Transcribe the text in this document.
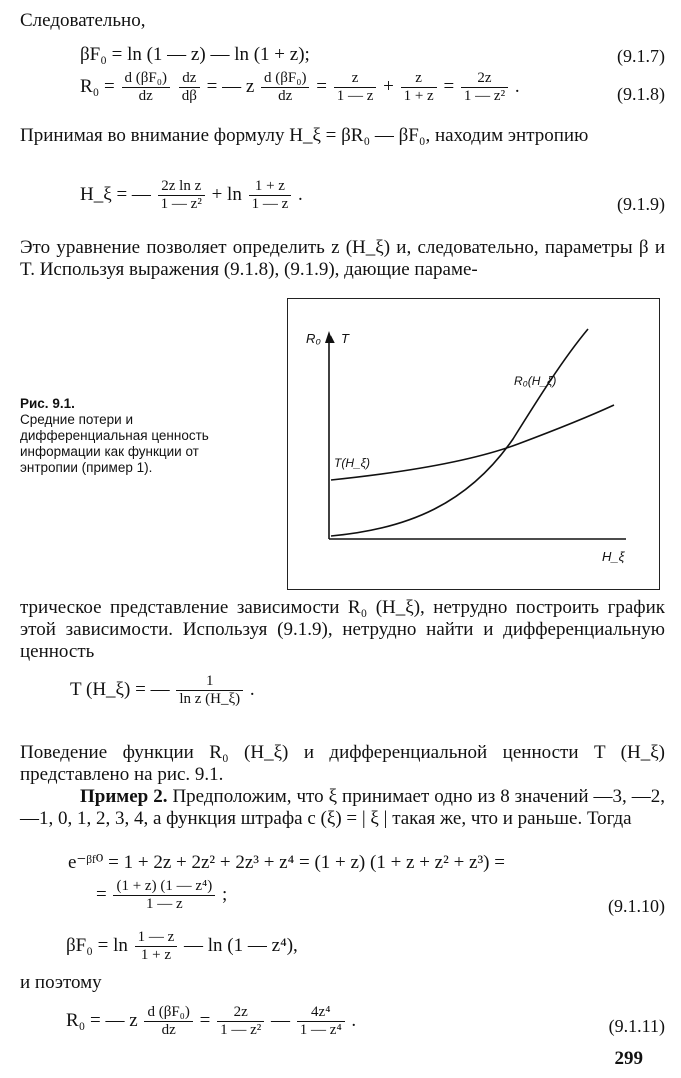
Следовательно,
βF₀ = ln (1 — z) — ln (1 + z);	(9.1.7)
$R_0 = \frac{\text{d (βF₀)}}{dz}$
$\frac{dz}{d\beta}$ = — z $\frac{\text{d (βF₀)}}{dz} = \frac{z}{1 — z} + \frac{z}{1 + z} = \frac{2z}{\text{1 — z²}}$ .	(9.1.8)
Принимая во внимание формулу H_ξ = βR₀ — βF₀, находим энтропию
H_ξ = — $\frac{\text{2z ln z}}{\text{1 — z²}} + \ln \frac{1 + z}{1 — z}$ .	(9.1.9)
Это уравнение позволяет определить z (H_ξ) и, следовательно, параметры β и T. Используя выражения (9.1.8), (9.1.9), дающие параме-
Рис. 9.1.
Средние потери и дифференциальная ценность информации как функции от энтропии (пример 1).
R₀ ▲ T
H_ξ
R₀(H_ξ)
T(H_ξ)
трическое представление зависимости R₀ (H_ξ), нетрудно построить график этой зависимости. Используя (9.1.9), нетрудно найти и дифференциальную ценность
T (H_ξ) = — $\frac{1}{\text{ln z (H\_ξ)}}$ .
Поведение функции R₀ (H_ξ) и дифференциальной ценности T (H_ξ) представлено на рис. 9.1.
Пример 2. Предположим, что ξ принимает одно из 8 значений —3, —2, —1, 0, 1, 2, 3, 4, а функция штрафа c (ξ) = | ξ | такая же, что и раньше. Тогда
e⁻ᵝᶠ⁰ = 1 + 2z + 2z² + 2z³ + z⁴ = (1 + z) (1 + z + z² + z³) =
= $\frac{\text{(1 + z) (1 — z⁴)}}{1 — z}$ ;
(9.1.10)
$\beta F_0 = \ln \frac{1 — z}{1 + z}$ — ln (1 — z⁴),
и поэтому
R₀ = — z $\frac{\text{d (βF₀)}}{dz} = \frac{2z}{\text{1 — z²}}$ — $\frac{\text{4z⁴}}{\text{1 — z⁴}}$ .	(9.1.11)
299
